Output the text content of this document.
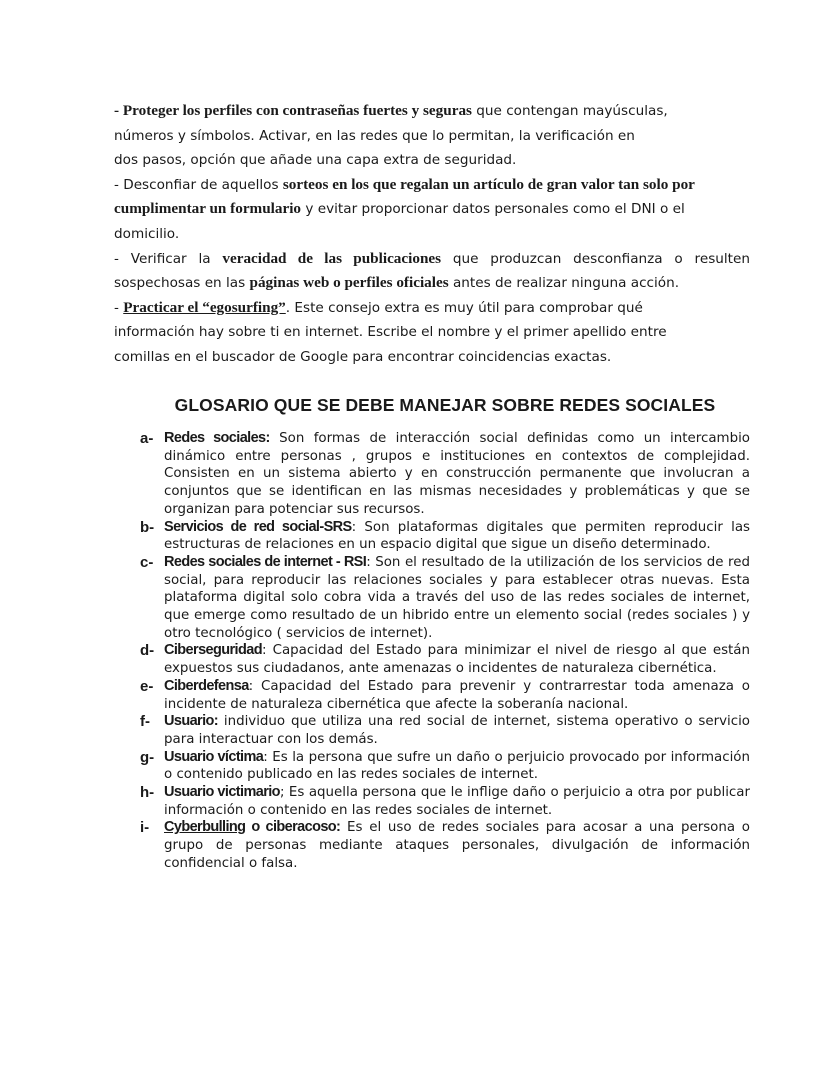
- Proteger los perfiles con contraseñas fuertes y seguras que contengan mayúsculas,
números y símbolos. Activar, en las redes que lo permitan, la verificación en
dos pasos, opción que añade una capa extra de seguridad.
- Desconfiar de aquellos sorteos en los que regalan un artículo de gran valor tan solo por
cumplimentar un formulario y evitar proporcionar datos personales como el DNI o el
domicilio.
- Verificar la veracidad de las publicaciones que produzcan desconfianza o resulten
sospechosas en las páginas web o perfiles oficiales antes de realizar ninguna acción.
- Practicar el “egosurfing”. Este consejo extra es muy útil para comprobar qué
información hay sobre ti en internet. Escribe el nombre y el primer apellido entre
comillas en el buscador de Google para encontrar coincidencias exactas.
GLOSARIO QUE SE DEBE MANEJAR SOBRE REDES SOCIALES
a- Redes sociales: Son formas de interacción social definidas como un intercambio dinámico entre personas , grupos e instituciones en contextos de complejidad. Consisten en un sistema abierto y en construcción permanente que involucran a conjuntos que se identifican en las mismas necesidades y problemáticas y que se organizan para potenciar sus recursos.
b- Servicios de red social-SRS: Son plataformas digitales que permiten reproducir las estructuras de relaciones en un espacio digital que sigue un diseño determinado.
c- Redes sociales de internet - RSI: Son el resultado de la utilización de los servicios de red social, para reproducir las relaciones sociales y para establecer otras nuevas. Esta plataforma digital solo cobra vida a través del uso de las redes sociales de internet, que emerge como resultado de un hibrido entre un elemento social (redes sociales ) y otro tecnológico ( servicios de internet).
d- Ciberseguridad: Capacidad del Estado para minimizar el nivel de riesgo al que están expuestos sus ciudadanos, ante amenazas o incidentes de naturaleza cibernética.
e- Ciberdefensa: Capacidad del Estado para prevenir y contrarrestar toda amenaza o incidente de naturaleza cibernética que afecte la soberanía nacional.
f- Usuario: individuo que utiliza una red social de internet, sistema operativo o servicio para interactuar con los demás.
g- Usuario víctima: Es la persona que sufre un daño o perjuicio provocado por información o contenido publicado en las redes sociales de internet.
h- Usuario victimario; Es aquella persona que le inflige daño o perjuicio a otra por publicar información o contenido en las redes sociales de internet.
i- Cyberbulling o ciberacoso: Es el uso de redes sociales para acosar a una persona o grupo de personas mediante ataques personales, divulgación de información confidencial o falsa.
